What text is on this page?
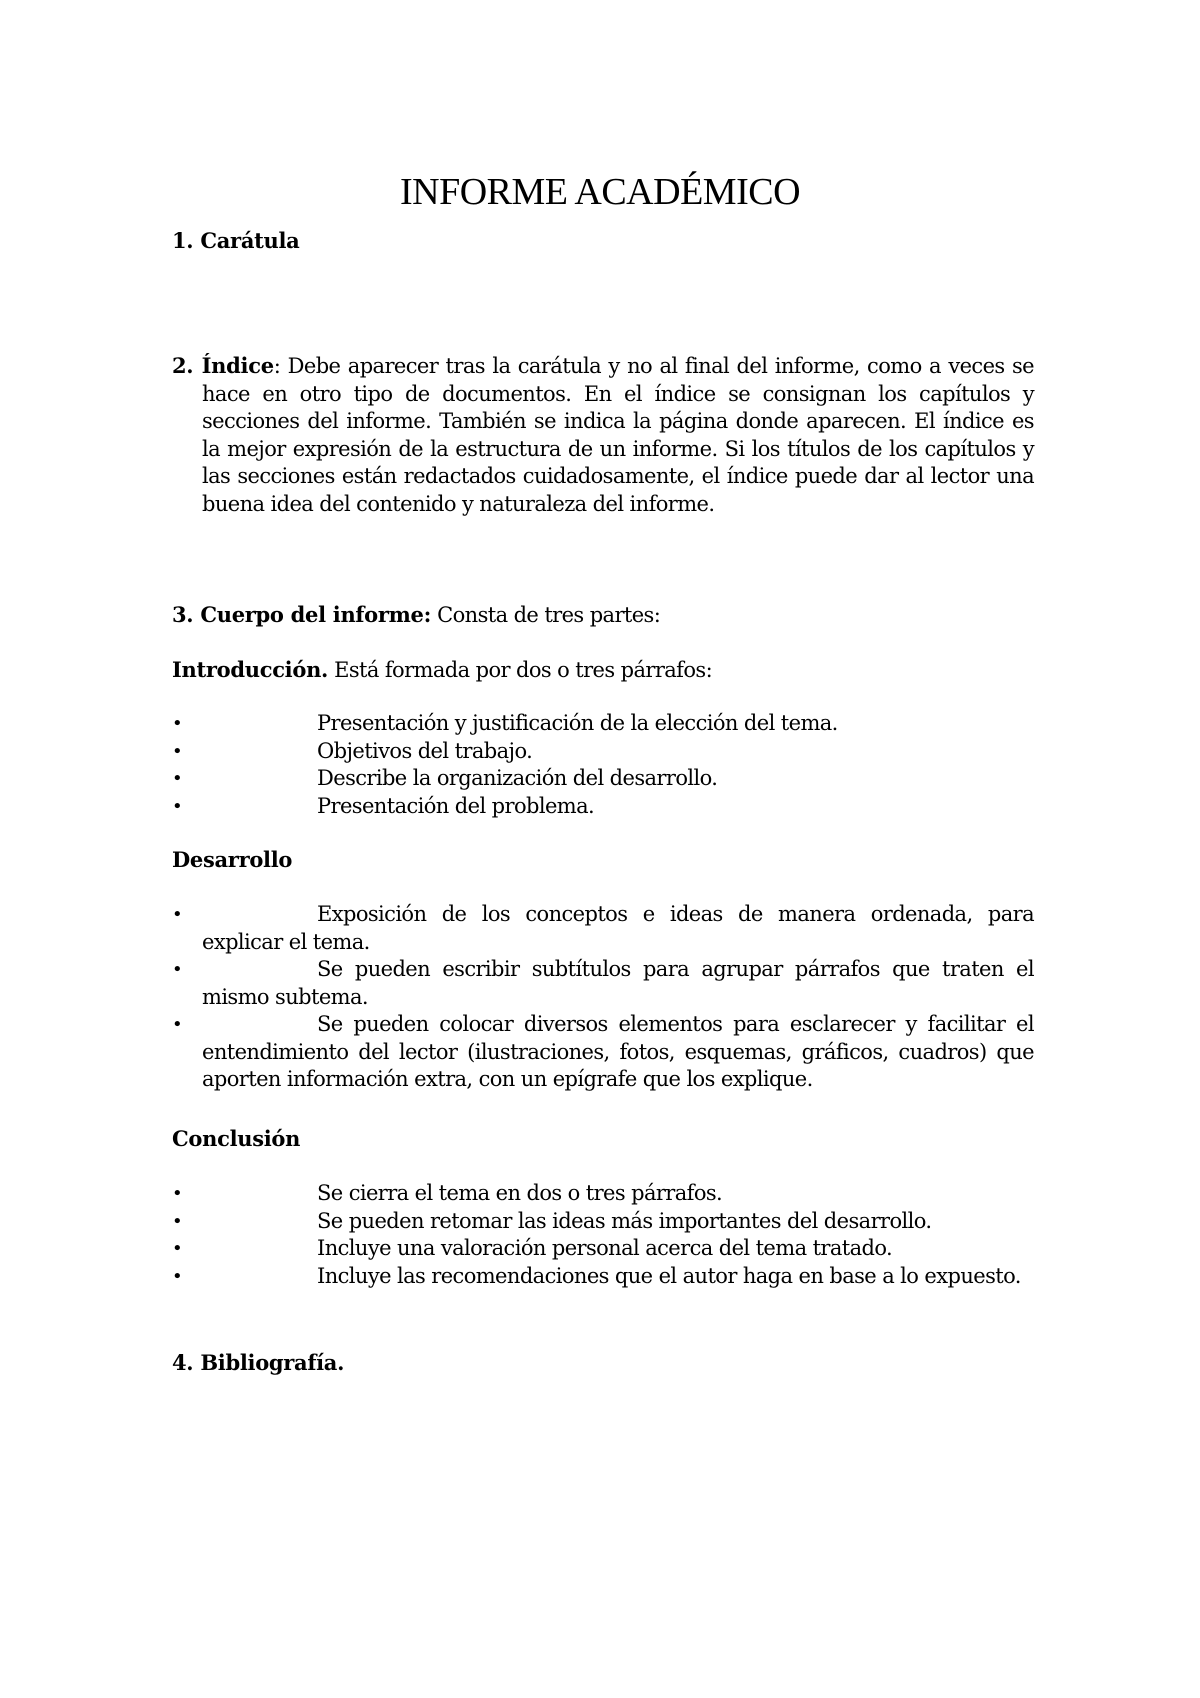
INFORME ACADÉMICO
1. Carátula

2. Índice: Debe aparecer tras la carátula y no al final del informe, como a veces se hace en otro tipo de documentos. En el índice se consignan los capítulos y secciones del informe. También se indica la página donde aparecen. El índice es la mejor expresión de la estructura de un informe. Si los títulos de los capítulos y las secciones están redactados cuidadosamente, el índice puede dar al lector una buena idea del contenido y naturaleza del informe.

3. Cuerpo del informe: Consta de tres partes:
Introducción. Está formada por dos o tres párrafos:
•	Presentación y justificación de la elección del tema.
•	Objetivos del trabajo.
•	Describe la organización del desarrollo.
•	Presentación del problema.
Desarrollo
•	Exposición de los conceptos e ideas de manera ordenada, para explicar el tema.
•	Se pueden escribir subtítulos para agrupar párrafos que traten el mismo subtema.
•	Se pueden colocar diversos elementos para esclarecer y facilitar el entendimiento del lector (ilustraciones, fotos, esquemas, gráficos, cuadros) que aporten información extra, con un epígrafe que los explique.
Conclusión
•	Se cierra el tema en dos o tres párrafos.
•	Se pueden retomar las ideas más importantes del desarrollo.
•	Incluye una valoración personal acerca del tema tratado.
•	Incluye las recomendaciones que el autor haga en base a lo expuesto.
4. Bibliografía.
